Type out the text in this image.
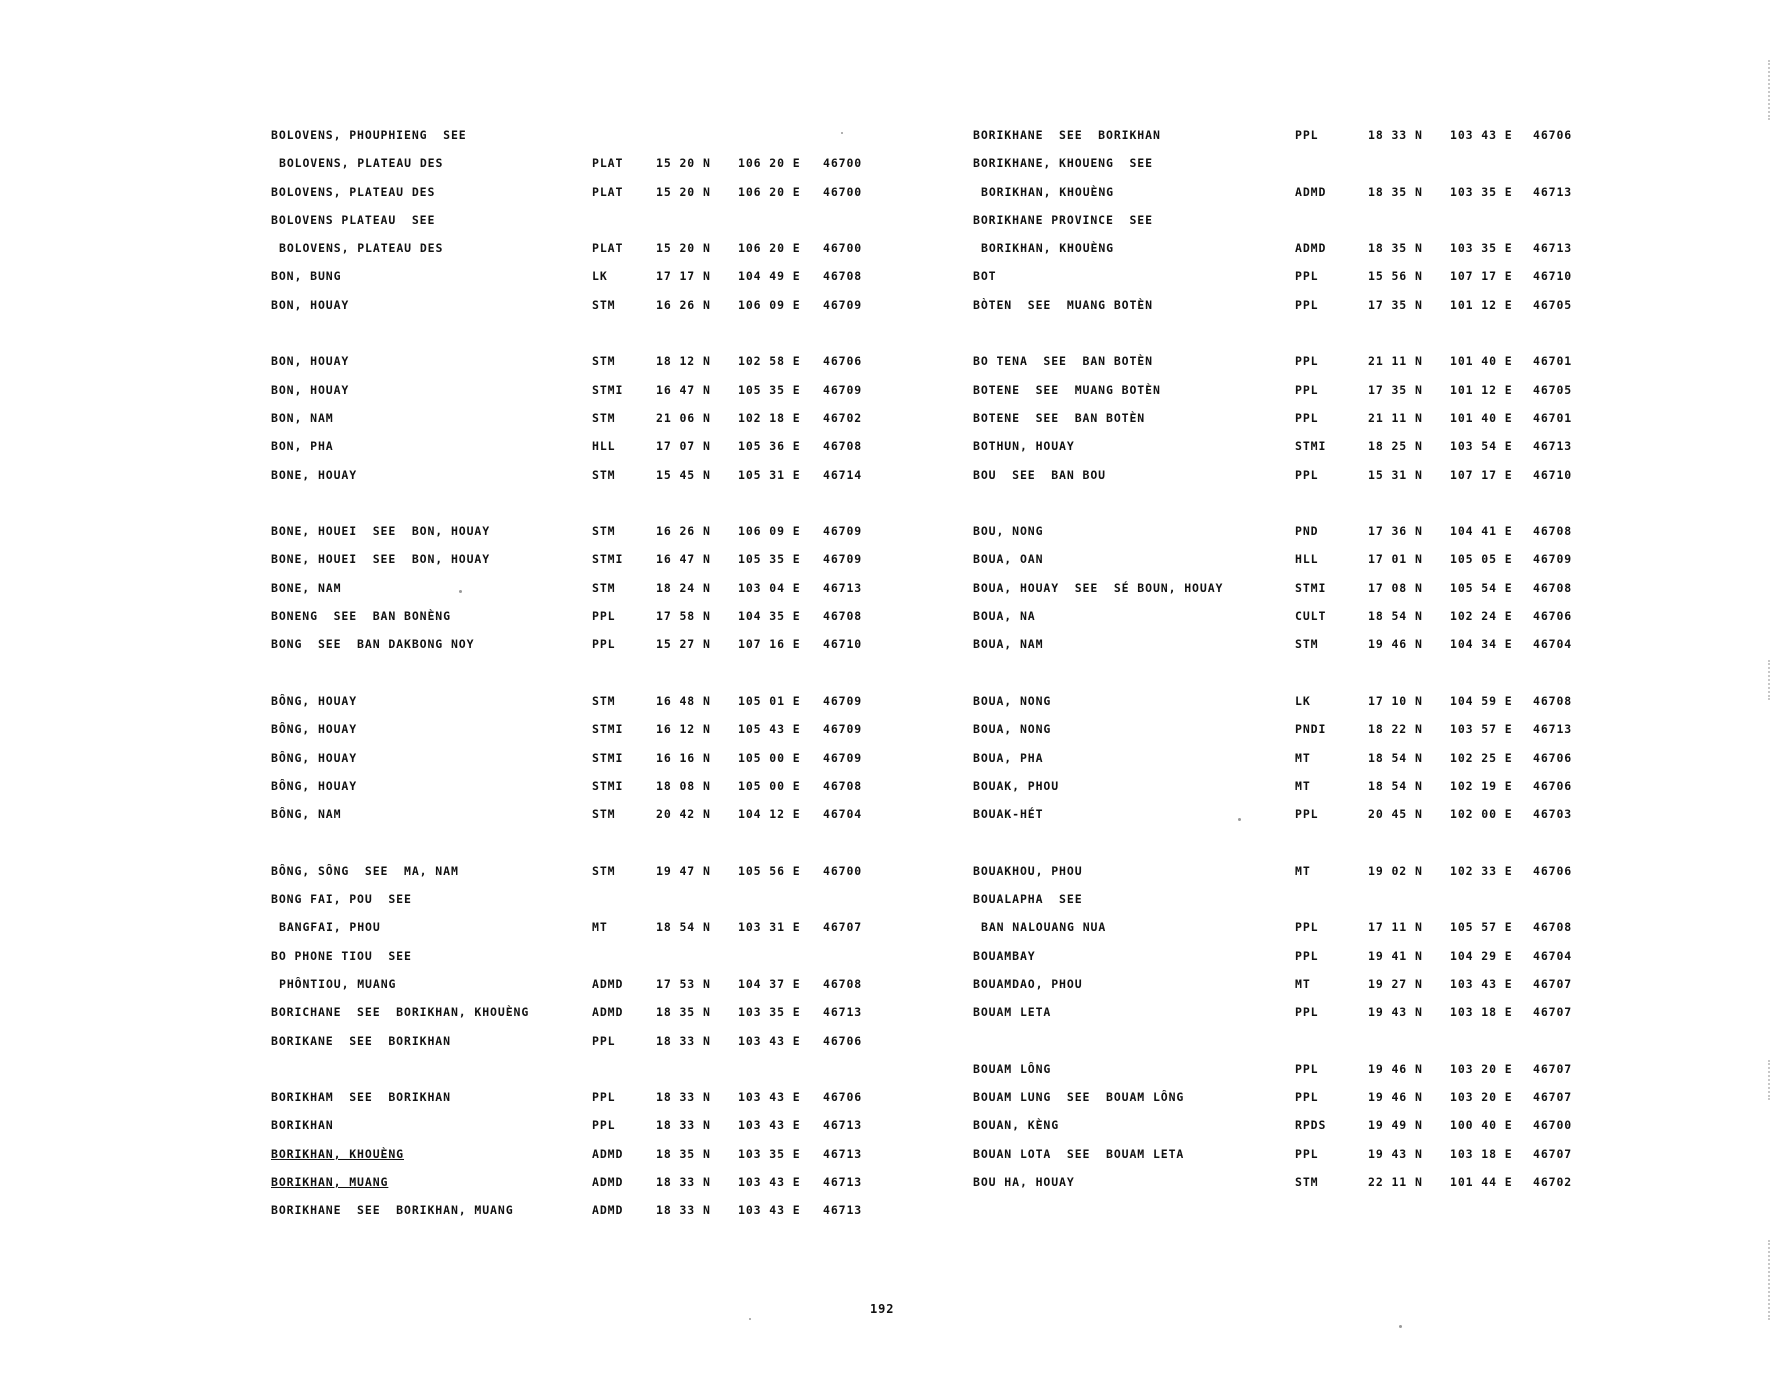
BOLOVENS, PHOUPHIENG  SEE
BOLOVENS, PLATEAU DES	PLAT	15 20 N 106 20 E 46700
BOLOVENS, PLATEAU DES	PLAT	15 20 N 106 20 E 46700
BOLOVENS PLATEAU  SEE
BOLOVENS, PLATEAU DES	PLAT	15 20 N 106 20 E 46700
BON, BUNG	LK	17 17 N 104 49 E 46708
BON, HOUAY	STM	16 26 N 106 09 E 46709
BON, HOUAY	STM	18 12 N 102 58 E 46706
BON, HOUAY	STMI	16 47 N 105 35 E 46709
BON, NAM	STM	21 06 N 102 18 E 46702
BON, PHA	HLL	17 07 N 105 36 E 46708
BONE, HOUAY	STM	15 45 N 105 31 E 46714
BONE, HOUEI  SEE  BON, HOUAY	STM	16 26 N 106 09 E 46709
BONE, HOUEI  SEE  BON, HOUAY	STMI	16 47 N 105 35 E 46709
BONE, NAM	STM	18 24 N 103 04 E 46713
BONENG  SEE  BAN BONÈNG	PPL	17 58 N 104 35 E 46708
BONG  SEE  BAN DAKBONG NOY	PPL	15 27 N 107 16 E 46710
BÔNG, HOUAY	STM	16 48 N 105 01 E 46709
BÔNG, HOUAY	STMI	16 12 N 105 43 E 46709
BÔNG, HOUAY	STMI	16 16 N 105 00 E 46709
BÔNG, HOUAY	STMI	18 08 N 105 00 E 46708
BÔNG, NAM	STM	20 42 N 104 12 E 46704
BÔNG, SÔNG  SEE  MA, NAM	STM	19 47 N 105 56 E 46700
BONG FAI, POU  SEE
BANGFAI, PHOU	MT	18 54 N 103 31 E 46707
BO PHONE TIOU  SEE
PHÔNTIOU, MUANG	ADMD	17 53 N 104 37 E 46708
BORICHANE  SEE  BORIKHAN, KHOUÈNG	ADMD	18 35 N 103 35 E 46713
BORIKANE  SEE  BORIKHAN	PPL	18 33 N 103 43 E 46706
BORIKHAM  SEE  BORIKHAN	PPL	18 33 N 103 43 E 46706
BORIKHAN	PPL	18 33 N 103 43 E 46713
BORIKHAN, KHOUÈNG	ADMD	18 35 N 103 35 E 46713
BORIKHAN, MUANG	ADMD	18 33 N 103 43 E 46713
BORIKHANE  SEE  BORIKHAN, MUANG	ADMD	18 33 N 103 43 E 46713
BORIKHANE  SEE  BORIKHAN	PPL	18 33 N 103 43 E 46706
BORIKHANE, KHOUENG  SEE
BORIKHAN, KHOUÈNG	ADMD	18 35 N 103 35 E 46713
BORIKHANE PROVINCE  SEE
BORIKHAN, KHOUÈNG	ADMD	18 35 N 103 35 E 46713
BOT	PPL	15 56 N 107 17 E 46710
BÒTEN  SEE  MUANG BOTÈN	PPL	17 35 N 101 12 E 46705
BO TENA  SEE  BAN BOTÈN	PPL	21 11 N 101 40 E 46701
BOTENE  SEE  MUANG BOTÈN	PPL	17 35 N 101 12 E 46705
BOTENE  SEE  BAN BOTÈN	PPL	21 11 N 101 40 E 46701
BOTHUN, HOUAY	STMI	18 25 N 103 54 E 46713
BOU  SEE  BAN BOU	PPL	15 31 N 107 17 E 46710
BOU, NONG	PND	17 36 N 104 41 E 46708
BOUA, OAN	HLL	17 01 N 105 05 E 46709
BOUA, HOUAY  SEE  SÉ BOUN, HOUAY	STMI	17 08 N 105 54 E 46708
BOUA, NA	CULT	18 54 N 102 24 E 46706
BOUA, NAM	STM	19 46 N 104 34 E 46704
BOUA, NONG	LK	17 10 N 104 59 E 46708
BOUA, NONG	PNDI	18 22 N 103 57 E 46713
BOUA, PHA	MT	18 54 N 102 25 E 46706
BOUAK, PHOU	MT	18 54 N 102 19 E 46706
BOUAK-HÉT	PPL	20 45 N 102 00 E 46703
BOUAKHOU, PHOU	MT	19 02 N 102 33 E 46706
BOUALAPHA  SEE
BAN NALOUANG NUA	PPL	17 11 N 105 57 E 46708
BOUAMBAY	PPL	19 41 N 104 29 E 46704
BOUAMDAO, PHOU	MT	19 27 N 103 43 E 46707
BOUAM LETA	PPL	19 43 N 103 18 E 46707
BOUAM LÔNG	PPL	19 46 N 103 20 E 46707
BOUAM LUNG  SEE  BOUAM LÔNG	PPL	19 46 N 103 20 E 46707
BOUAN, KÈNG	RPDS	19 49 N 100 40 E 46700
BOUAN LOTA  SEE  BOUAM LETA	PPL	19 43 N 103 18 E 46707
BOU HA, HOUAY	STM	22 11 N 101 44 E 46702
192
